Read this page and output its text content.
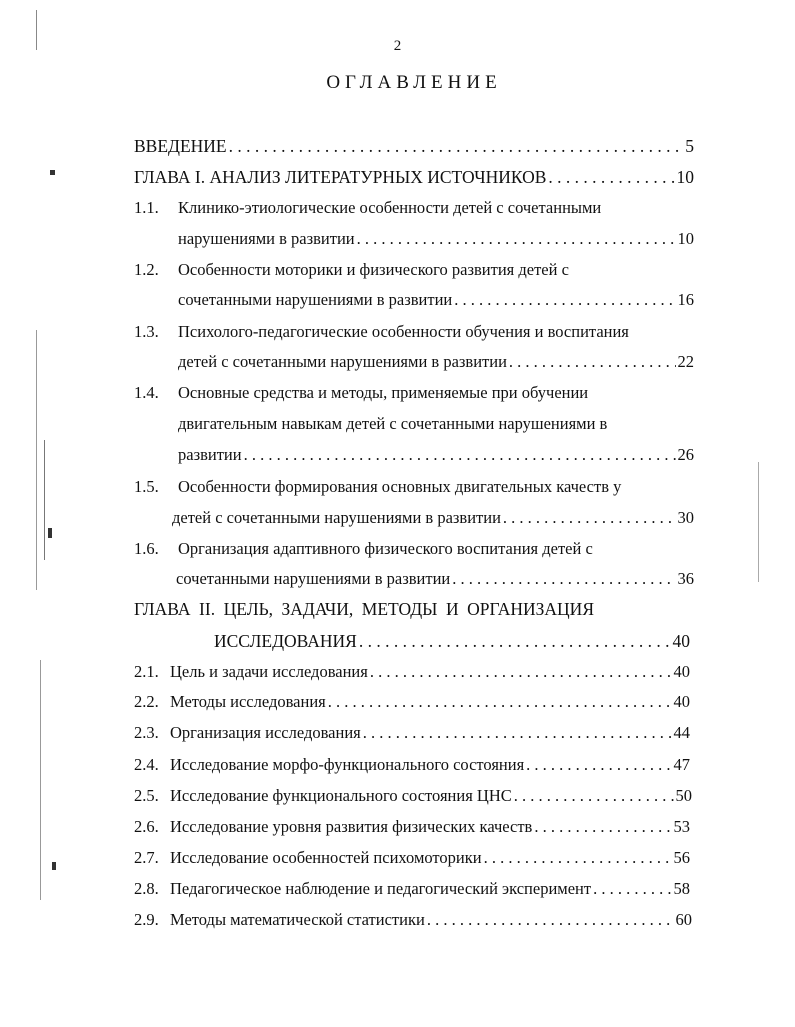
2
ОГЛАВЛЕНИЕ
ВВЕДЕНИЕ . . .	5
ГЛАВА I. АНАЛИЗ ЛИТЕРАТУРНЫХ ИСТОЧНИКОВ . . .	10
1.1. Клинико-этиологические особенности детей с сочетанными
нарушениями в развитии . . .	10
1.2. Особенности моторики и физического развития детей с
сочетанными нарушениями в развитии . . .	16
1.3. Психолого-педагогические особенности обучения и воспитания
детей с сочетанными нарушениями в развитии . . .	22
1.4. Основные средства и методы, применяемые при обучении
двигательным навыкам детей с сочетанными нарушениями в
развитии . . .	26
1.5. Особенности формирования основных двигательных качеств у
детей с сочетанными нарушениями в развитии . . .	30
1.6. Организация адаптивного физического воспитания детей с
сочетанными нарушениями в развитии . . .	36
ГЛАВА II. ЦЕЛЬ, ЗАДАЧИ, МЕТОДЫ И ОРГАНИЗАЦИЯ
ИССЛЕДОВАНИЯ . . .	40
2.1. Цель и задачи исследования . . .	40
2.2. Методы исследования . . .	40
2.3. Организация исследования . . .	44
2.4. Исследование морфо-функционального состояния . . .	47
2.5. Исследование функционального состояния ЦНС . . .	50
2.6. Исследование уровня развития физических качеств . . .	53
2.7. Исследование особенностей психомоторики . . .	56
2.8. Педагогическое наблюдение и педагогический эксперимент . . .	58
2.9. Методы математической статистики . . .	60
